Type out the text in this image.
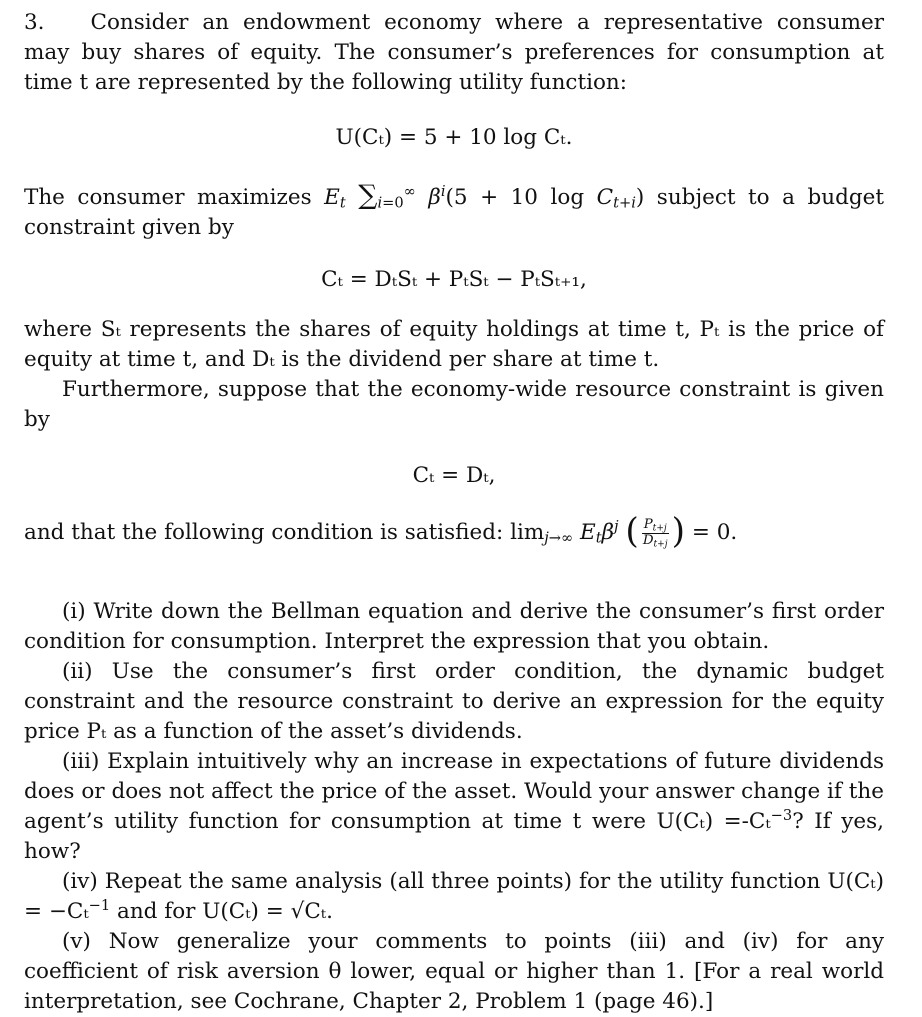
3. Consider an endowment economy where a representative consumer may buy shares of equity. The consumer’s preferences for consumption at time t are represented by the following utility function:

U(Cₜ) = 5 + 10 log Cₜ.

The consumer maximizes $E_t$ $\sum_{i=0}^\infty$ $\beta^i(5 + 10$ $\log C_{t+i}$) subject to a budget constraint given by

Cₜ = DₜSₜ + PₜSₜ − PₜSₜ₊₁,

where Sₜ represents the shares of equity holdings at time t, Pₜ is the price of equity at time t, and Dₜ is the dividend per share at time t.

Furthermore, suppose that the economy-wide resource constraint is given by

Cₜ = Dₜ,

and that the following condition is satisfied: $\lim_{j\to\infty} E_t\beta^j$ ( $\frac{P_{t+j}}{D_{t+j}}$ ) = 0.

(i) Write down the Bellman equation and derive the consumer’s first order condition for consumption. Interpret the expression that you obtain.

(ii) Use the consumer’s first order condition, the dynamic budget constraint and the resource constraint to derive an expression for the equity price Pₜ as a function of the asset’s dividends.

(iii) Explain intuitively why an increase in expectations of future dividends does or does not affect the price of the asset. Would your answer change if the agent’s utility function for consumption at time t were U(Cₜ) =-Cₜ$^{-3}$? If yes, how?

(iv) Repeat the same analysis (all three points) for the utility function U(Cₜ) = −Cₜ$^{-1}$ and for U(Cₜ) = √Cₜ.

(v) Now generalize your comments to points (iii) and (iv) for any coefficient of risk aversion θ lower, equal or higher than 1. [For a real world interpretation, see Cochrane, Chapter 2, Problem 1 (page 46).]
